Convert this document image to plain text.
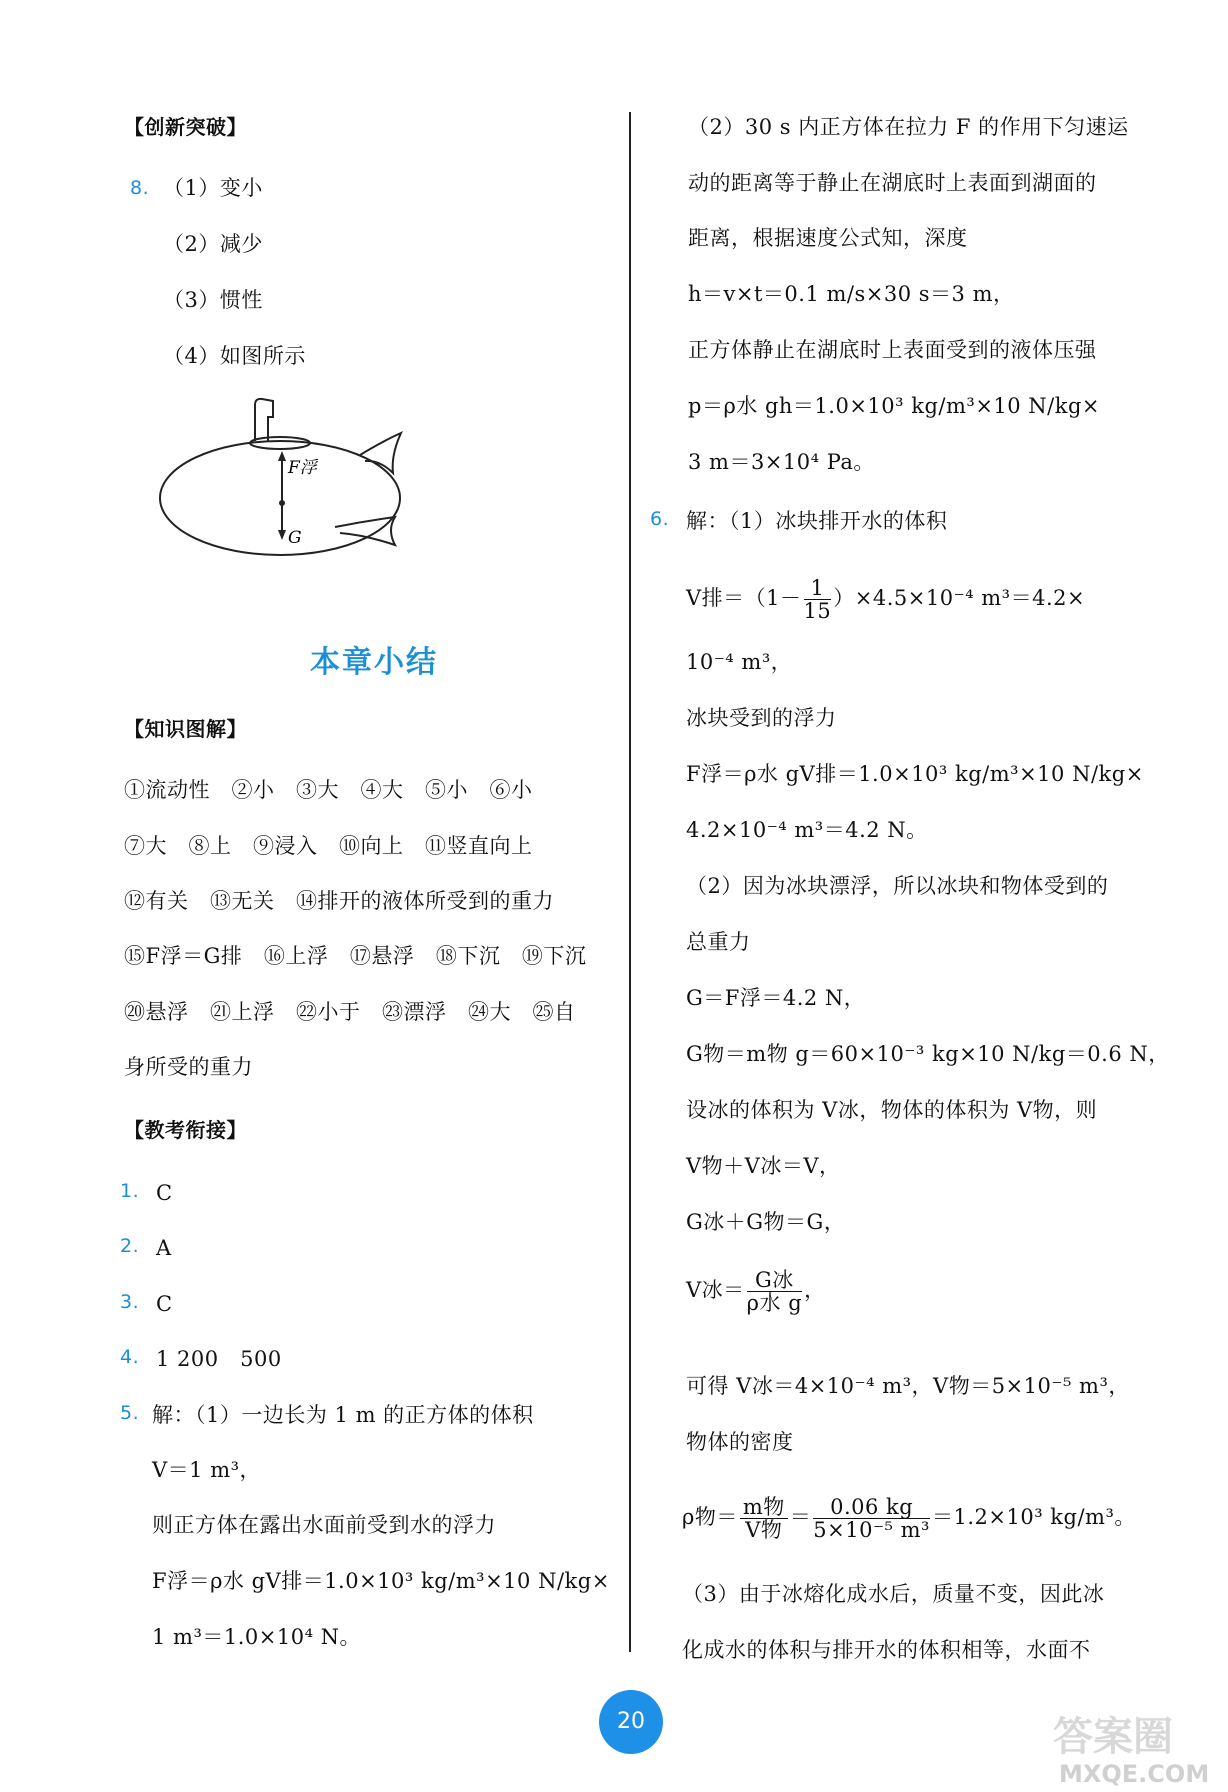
【创新突破】
8. （1）变小
（2）减少
（3）惯性
（4）如图所示
F浮
G
本章小结
【知识图解】
①流动性　②小　③大　④大　⑤小　⑥小
⑦大　⑧上　⑨浸入　⑩向上　⑪竖直向上
⑫有关　⑬无关　⑭排开的液体所受到的重力
⑮F浮＝G排　⑯上浮　⑰悬浮　⑱下沉　⑲下沉
⑳悬浮　㉑上浮　㉒小于　㉓漂浮　㉔大　㉕自
身所受的重力
【教考衔接】
1. C
2. A
3. C
4. 1 200　500
5. 解：（1）一边长为 1 m 的正方体的体积
V＝1 m³，
则正方体在露出水面前受到水的浮力
F浮＝ρ水 gV排＝1.0×10³ kg/m³×10 N/kg×
1 m³＝1.0×10⁴ N。
（2）30 s 内正方体在拉力 F 的作用下匀速运
动的距离等于静止在湖底时上表面到湖面的
距离，根据速度公式知，深度
h＝v×t＝0.1 m/s×30 s＝3 m，
正方体静止在湖底时上表面受到的液体压强
p＝ρ水 gh＝1.0×10³ kg/m³×10 N/kg×
3 m＝3×10⁴ Pa。
6. 解：（1）冰块排开水的体积
V排$=(1- \frac{1}{15} )\times 4.5\times 10^{-4}$ m³＝4.2×
10⁻⁴ m³，
冰块受到的浮力
F浮＝ρ水 gV排＝1.0×10³ kg/m³×10 N/kg×
4.2×10⁻⁴ m³＝4.2 N。
（2）因为冰块漂浮，所以冰块和物体受到的
总重力
G＝F浮＝4.2 N，
G物＝m物 g＝60×10⁻³ kg×10 N/kg＝0.6 N，
设冰的体积为 V冰，物体的体积为 V物，则
V物＋V冰＝V，
G冰＋G物＝G，
V冰＝ $\frac{\text{G冰}}{\text{ρ水 g}}$ ，
可得 V冰＝4×10⁻⁴ m³，V物＝5×10⁻⁵ m³，
物体的密度
ρ物＝ $\frac{\text{m物}}{\text{V物}} = \frac{0.06 kg}{\text{5×10⁻⁵ m³}} =1.2\times 10^3$ kg/m³。
（3）由于冰熔化成水后，质量不变，因此冰
化成水的体积与排开水的体积相等，水面不
20	答案圈
MXQE.COM
